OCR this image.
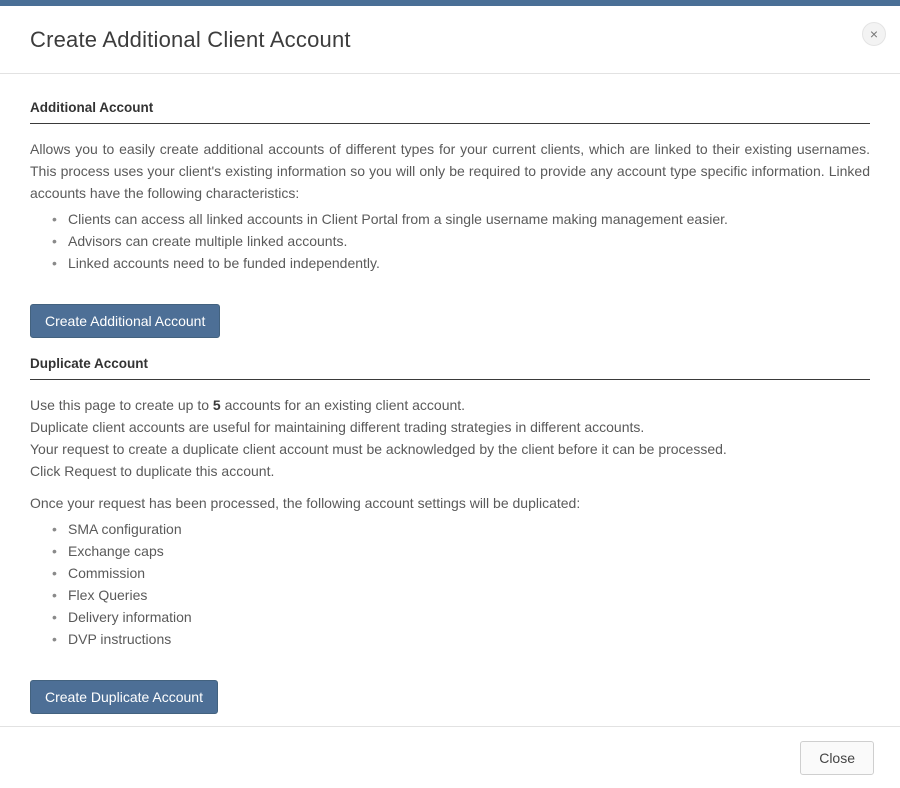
Create Additional Client Account	×
Additional Account

Allows you to easily create additional accounts of different types for your current clients, which are linked to their existing usernames. This process uses your client's existing information so you will only be required to provide any account type specific information. Linked accounts have the following characteristics:

• Clients can access all linked accounts in Client Portal from a single username making management easier.
• Advisors can create multiple linked accounts.
• Linked accounts need to be funded independently.
Create Additional Account
Duplicate Account

Use this page to create up to 5 accounts for an existing client account.

Duplicate client accounts are useful for maintaining different trading strategies in different accounts.

Your request to create a duplicate client account must be acknowledged by the client before it can be processed.

Click Request to duplicate this account.

Once your request has been processed, the following account settings will be duplicated:

• SMA configuration
• Exchange caps
• Commission
• Flex Queries
• Delivery information
• DVP instructions
Create Duplicate Account
Close
